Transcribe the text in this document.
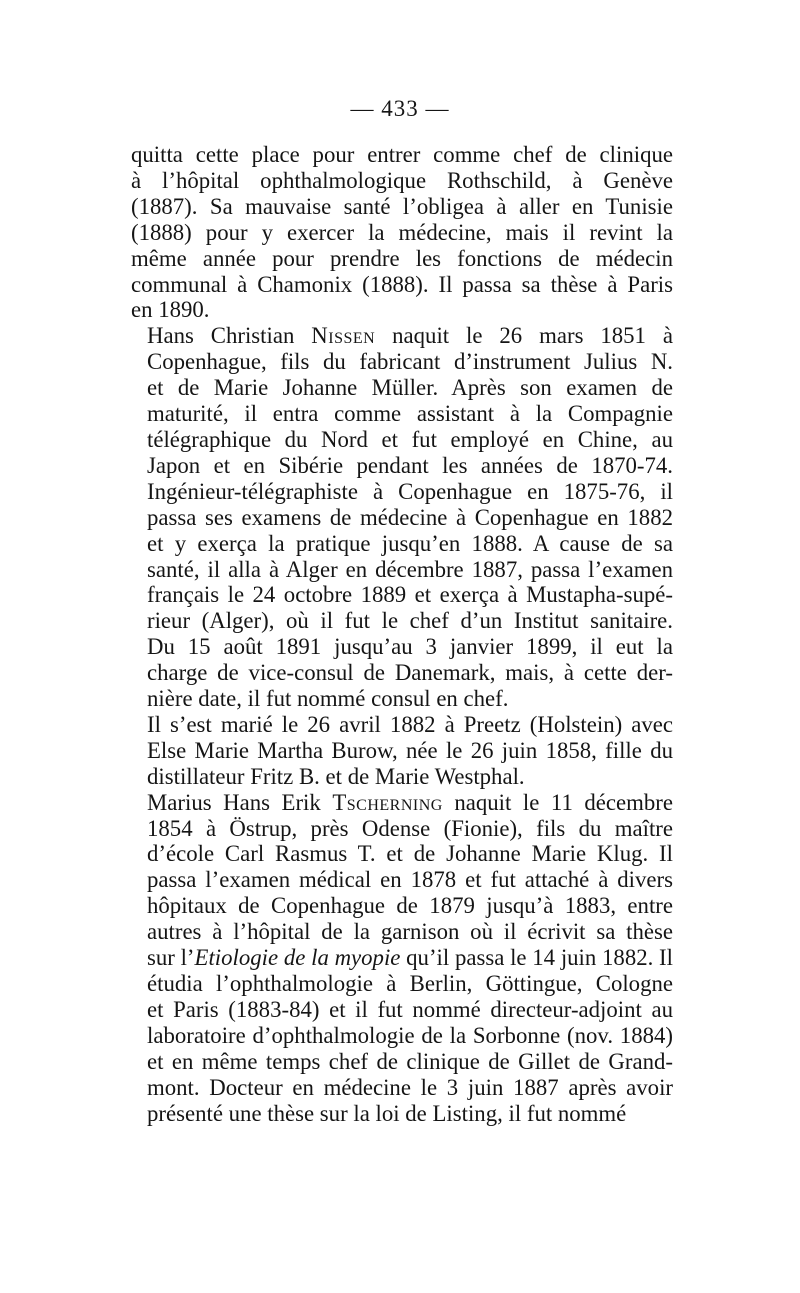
— 433 —

quitta cette place pour entrer comme chef de clinique
à l’hôpital ophthalmologique Rothschild, à Genève
(1887). Sa mauvaise santé l’obligea à aller en Tunisie
(1888) pour y exercer la médecine, mais il revint la
même année pour prendre les fonctions de médecin
communal à Chamonix (1888). Il passa sa thèse à Paris
en 1890.

Hans Christian Nissen naquit le 26 mars 1851 à
Copenhague, fils du fabricant d’instrument Julius N.
et de Marie Johanne Müller. Après son examen de
maturité, il entra comme assistant à la Compagnie
télégraphique du Nord et fut employé en Chine, au
Japon et en Sibérie pendant les années de 1870-74.
Ingénieur-télégraphiste à Copenhague en 1875-76, il
passa ses examens de médecine à Copenhague en 1882
et y exerça la pratique jusqu’en 1888. A cause de sa
santé, il alla à Alger en décembre 1887, passa l’examen
français le 24 octobre 1889 et exerça à Mustapha-supé-
rieur (Alger), où il fut le chef d’un Institut sanitaire.
Du 15 août 1891 jusqu’au 3 janvier 1899, il eut la
charge de vice-consul de Danemark, mais, à cette der-
nière date, il fut nommé consul en chef.

Il s’est marié le 26 avril 1882 à Preetz (Holstein) avec
Else Marie Martha Burow, née le 26 juin 1858, fille du
distillateur Fritz B. et de Marie Westphal.

Marius Hans Erik Tscherning naquit le 11 décembre
1854 à Östrup, près Odense (Fionie), fils du maître
d’école Carl Rasmus T. et de Johanne Marie Klug. Il
passa l’examen médical en 1878 et fut attaché à divers
hôpitaux de Copenhague de 1879 jusqu’à 1883, entre
autres à l’hôpital de la garnison où il écrivit sa thèse
sur l’Etiologie de la myopie qu’il passa le 14 juin 1882. Il
étudia l’ophthalmologie à Berlin, Göttingue, Cologne
et Paris (1883-84) et il fut nommé directeur-adjoint au
laboratoire d’ophthalmologie de la Sorbonne (nov. 1884)
et en même temps chef de clinique de Gillet de Grand-
mont. Docteur en médecine le 3 juin 1887 après avoir
présenté une thèse sur la loi de Listing, il fut nommé
